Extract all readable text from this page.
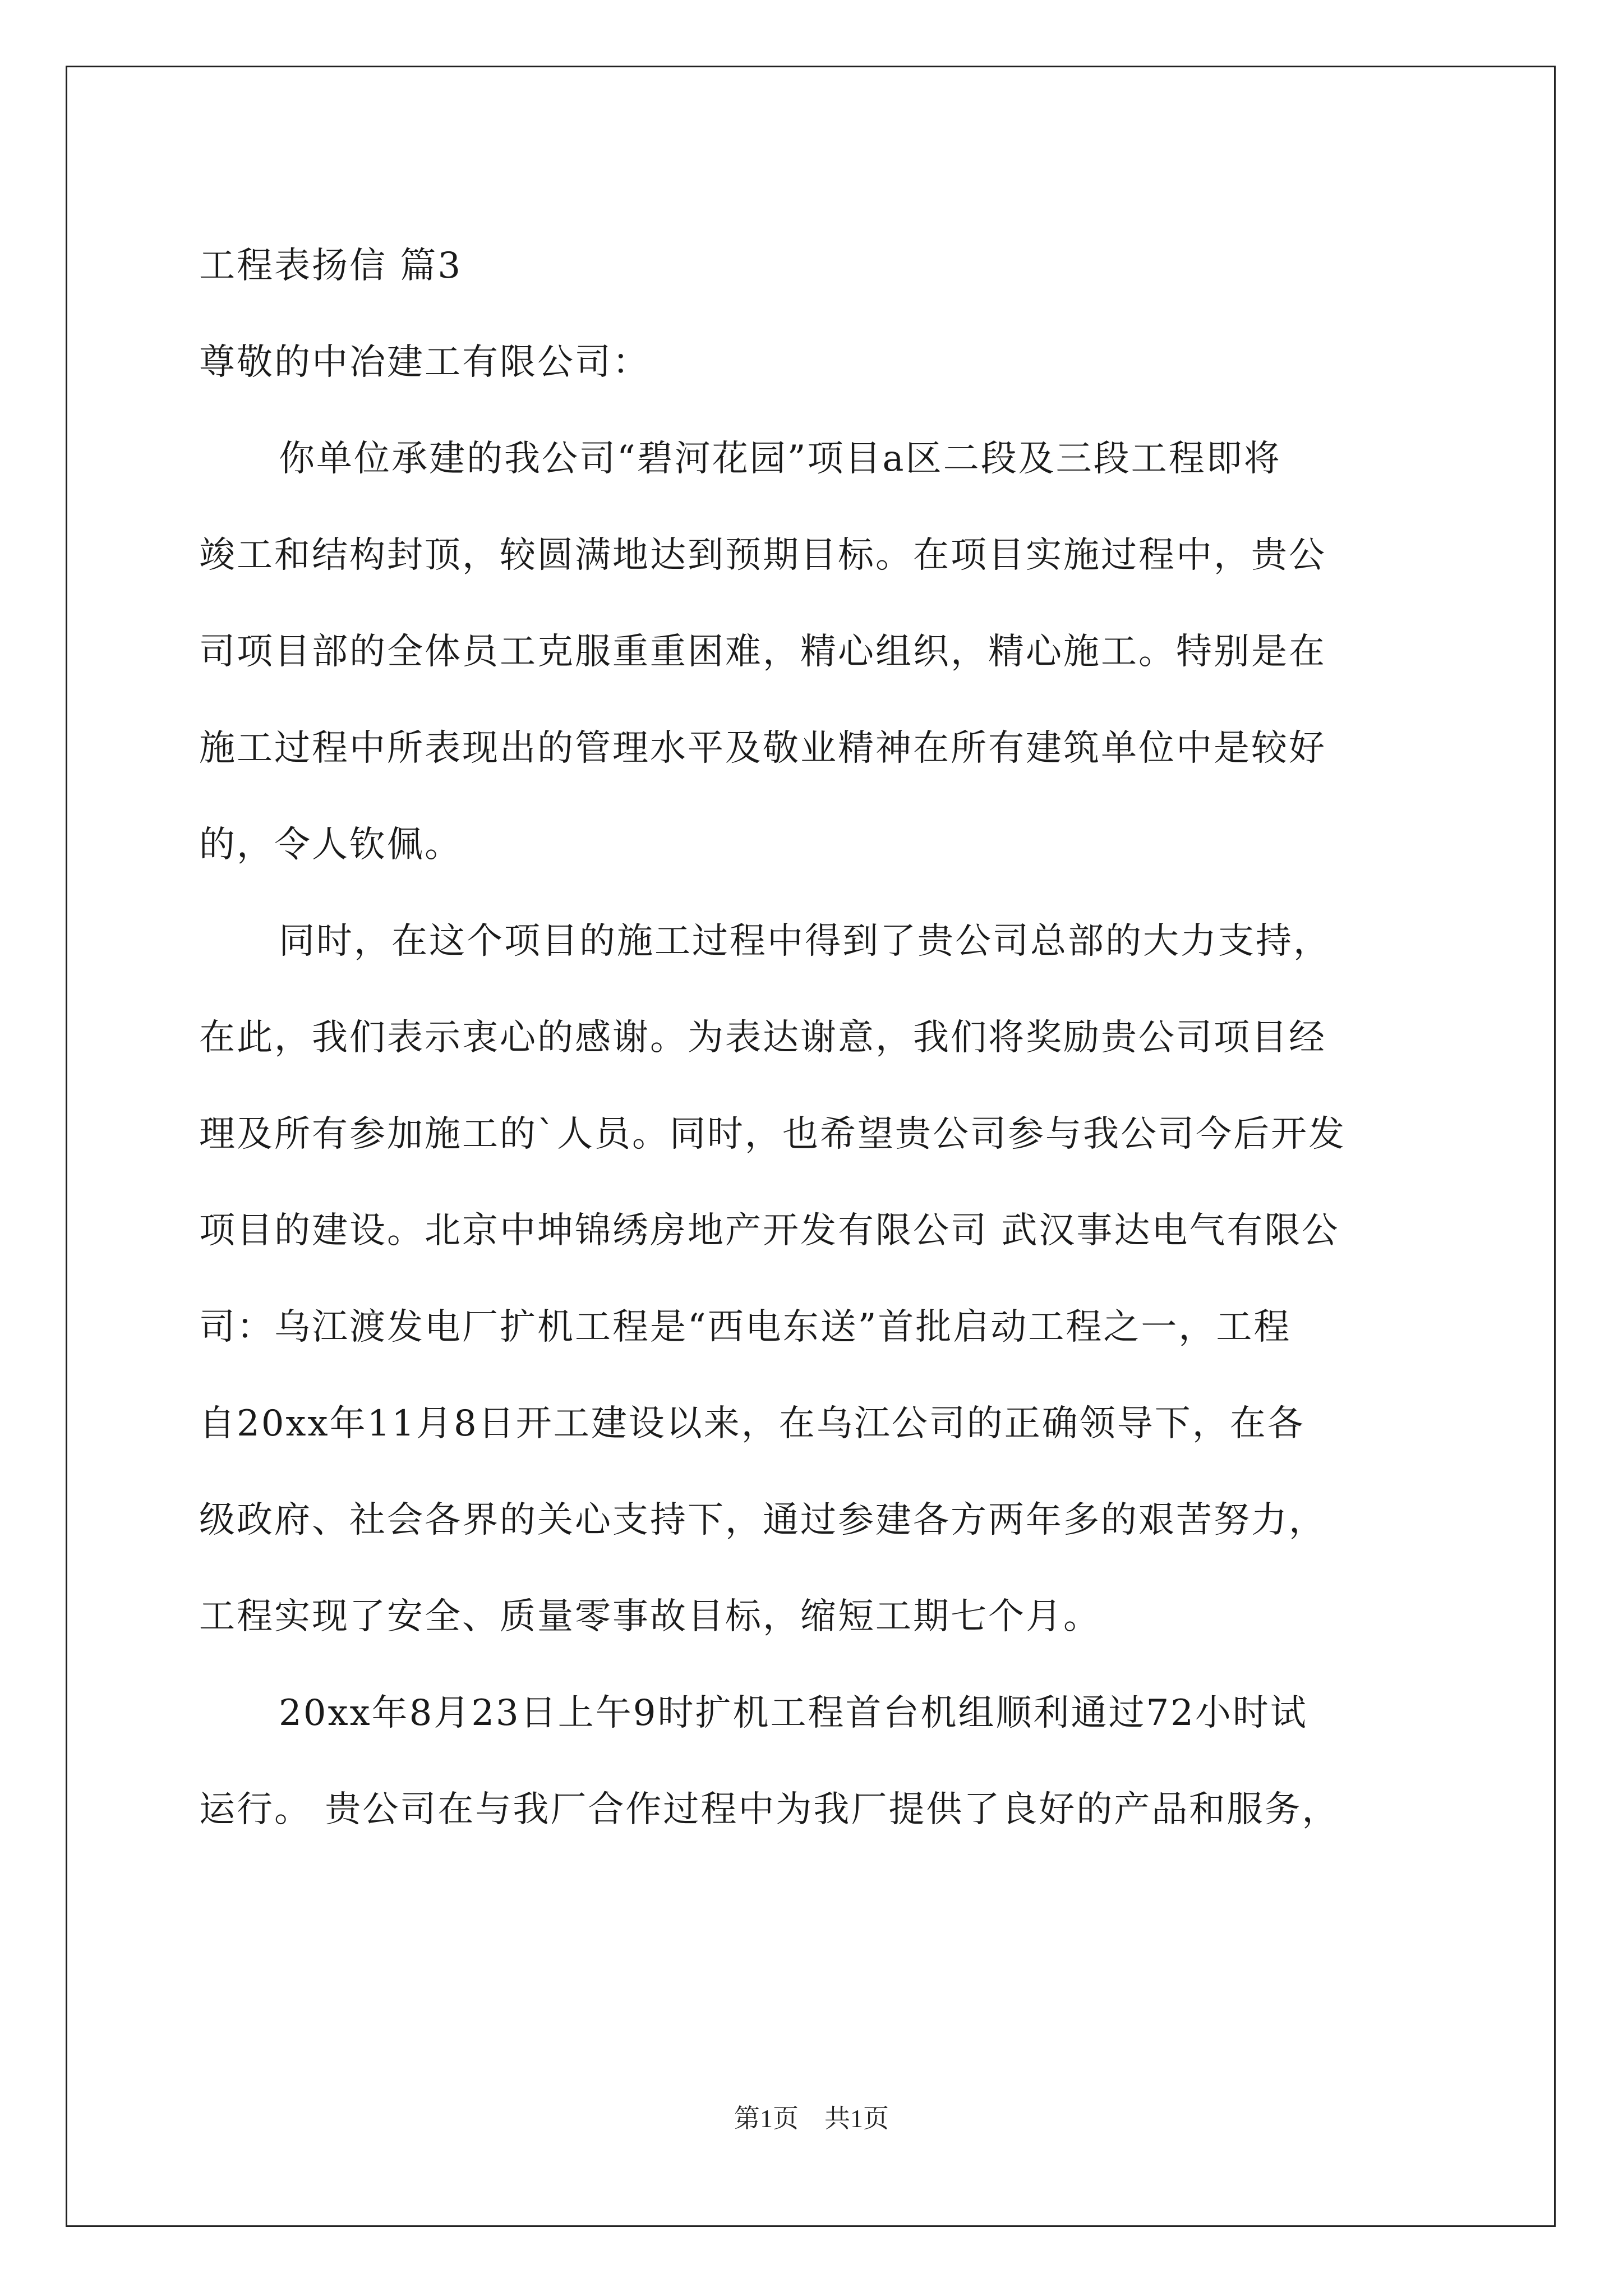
工程表扬信 篇3
尊敬的中冶建工有限公司：
你单位承建的我公司“碧河花园”项目a区二段及三段工程即将
竣工和结构封顶，较圆满地达到预期目标。在项目实施过程中，贵公
司项目部的全体员工克服重重困难，精心组织，精心施工。特别是在
施工过程中所表现出的管理水平及敬业精神在所有建筑单位中是较好
的，令人钦佩。
同时，在这个项目的施工过程中得到了贵公司总部的大力支持，
在此，我们表示衷心的感谢。为表达谢意，我们将奖励贵公司项目经
理及所有参加施工的`人员。同时，也希望贵公司参与我公司今后开发
项目的建设。北京中坤锦绣房地产开发有限公司 武汉事达电气有限公
司：乌江渡发电厂扩机工程是“西电东送”首批启动工程之一，工程
自20xx年11月8日开工建设以来，在乌江公司的正确领导下，在各
级政府、社会各界的关心支持下，通过参建各方两年多的艰苦努力，
工程实现了安全、质量零事故目标，缩短工期七个月。
20xx年8月23日上午9时扩机工程首台机组顺利通过72小时试
运行。 贵公司在与我厂合作过程中为我厂提供了良好的产品和服务，
第1页　共1页
